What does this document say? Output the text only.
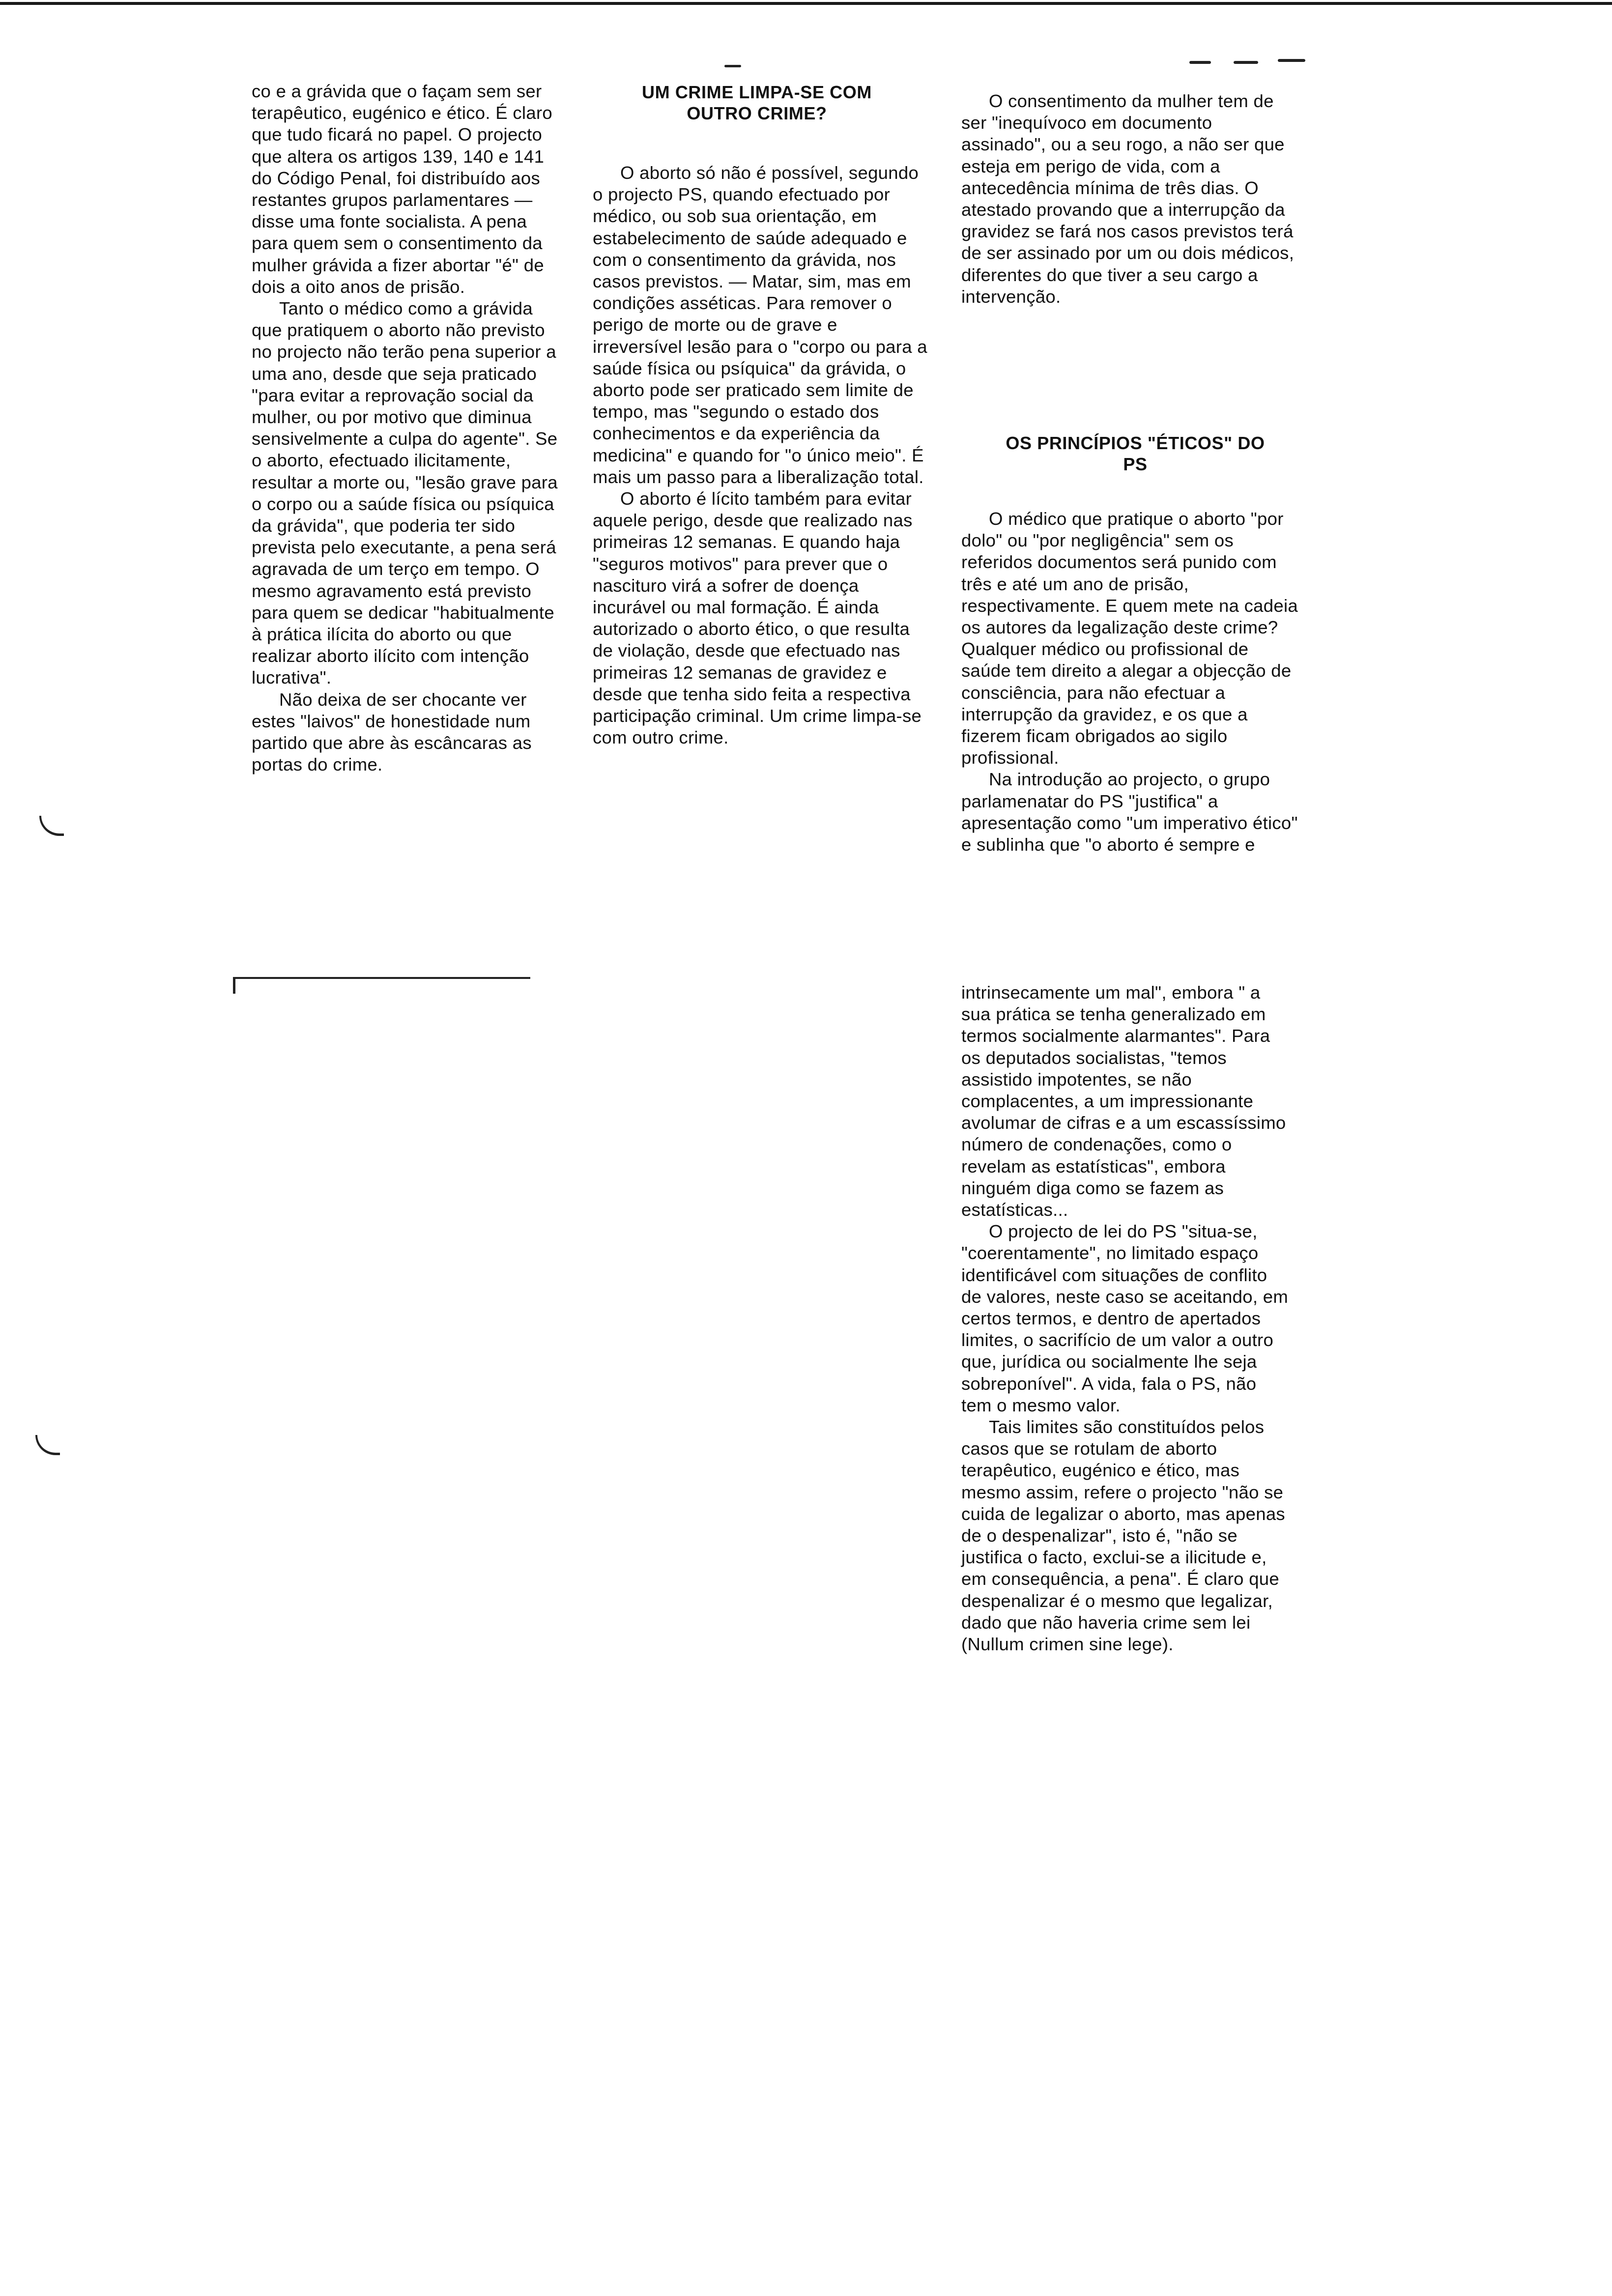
co e a grávida que o façam sem ser terapêutico, eugénico e ético. É claro que tudo ficará no papel. O projecto que altera os artigos 139, 140 e 141 do Código Penal, foi distribuído aos restantes grupos parlamentares — disse uma fonte socialista. A pena para quem sem o consentimento da mulher grávida a fizer abortar "é" de dois a oito anos de prisão.

Tanto o médico como a grávida que pratiquem o aborto não previsto no projecto não terão pena superior a uma ano, desde que seja praticado "para evitar a reprovação social da mulher, ou por motivo que diminua sensivelmente a culpa do agente". Se o aborto, efectuado ilicitamente, resultar a morte ou, "lesão grave para o corpo ou a saúde física ou psíquica da grávida", que poderia ter sido prevista pelo executante, a pena será agravada de um terço em tempo. O mesmo agravamento está previsto para quem se dedicar "habitualmente à prática ilícita do aborto ou que realizar aborto ilícito com intenção lucrativa".

Não deixa de ser chocante ver estes "laivos" de honestidade num partido que abre às escâncaras as portas do crime.

UM CRIME LIMPA-SE COM OUTRO CRIME?

O aborto só não é possível, segundo o projecto PS, quando efectuado por médico, ou sob sua orientação, em estabelecimento de saúde adequado e com o consentimento da grávida, nos casos previstos. — Matar, sim, mas em condições asséticas. Para remover o perigo de morte ou de grave e irreversível lesão para o "corpo ou para a saúde física ou psíquica" da grávida, o aborto pode ser praticado sem limite de tempo, mas "segundo o estado dos conhecimentos e da experiência da medicina" e quando for "o único meio". É mais um passo para a liberalização total.

O aborto é lícito também para evitar aquele perigo, desde que realizado nas primeiras 12 semanas. E quando haja "seguros motivos" para prever que o nascituro virá a sofrer de doença incurável ou mal formação. É ainda autorizado o aborto ético, o que resulta de violação, desde que efectuado nas primeiras 12 semanas de gravidez e desde que tenha sido feita a respectiva participação criminal. Um crime limpa-se com outro crime.

O consentimento da mulher tem de ser "inequívoco em documento assinado", ou a seu rogo, a não ser que esteja em perigo de vida, com a antecedência mínima de três dias. O atestado provando que a interrupção da gravidez se fará nos casos previstos terá de ser assinado por um ou dois médicos, diferentes do que tiver a seu cargo a intervenção.

OS PRINCÍPIOS "ÉTICOS" DO PS

O médico que pratique o aborto "por dolo" ou "por negligência" sem os referidos documentos será punido com três e até um ano de prisão, respectivamente. E quem mete na cadeia os autores da legalização deste crime? Qualquer médico ou profissional de saúde tem direito a alegar a objecção de consciência, para não efectuar a interrupção da gravidez, e os que a fizerem ficam obrigados ao sigilo profissional.

Na introdução ao projecto, o grupo parlamenatar do PS "justifica" a apresentação como "um imperativo ético" e sublinha que "o aborto é sempre e

intrinsecamente um mal", embora " a sua prática se tenha generalizado em termos socialmente alarmantes". Para os deputados socialistas, "temos assistido impotentes, se não complacentes, a um impressionante avolumar de cifras e a um escassíssimo número de condenações, como o revelam as estatísticas", embora ninguém diga como se fazem as estatísticas...

O projecto de lei do PS "situa-se, "coerentamente", no limitado espaço identificável com situações de conflito de valores, neste caso se aceitando, em certos termos, e dentro de apertados limites, o sacrifício de um valor a outro que, jurídica ou socialmente lhe seja sobreponível". A vida, fala o PS, não tem o mesmo valor.

Tais limites são constituídos pelos casos que se rotulam de aborto terapêutico, eugénico e ético, mas mesmo assim, refere o projecto "não se cuida de legalizar o aborto, mas apenas de o despenalizar", isto é, "não se justifica o facto, exclui-se a ilicitude e, em consequência, a pena". É claro que despenalizar é o mesmo que legalizar, dado que não haveria crime sem lei (Nullum crimen sine lege).
